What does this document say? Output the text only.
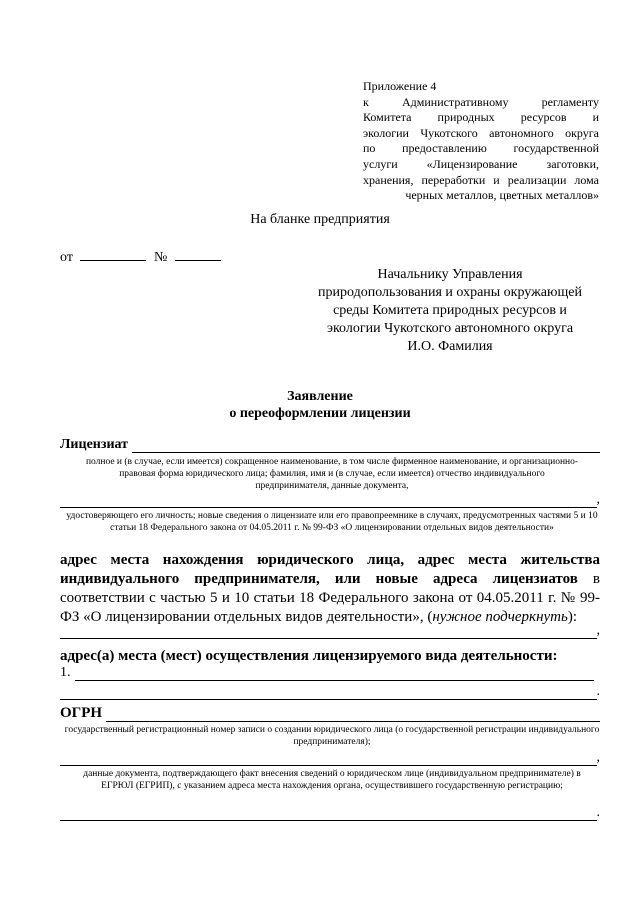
Приложение 4
к Административному регламенту
Комитета природных ресурсов и
экологии Чукотского автономного округа
по предоставлению государственной
услуги «Лицензирование заготовки,
хранения, переработки и реализации лома
черных металлов, цветных металлов»
На бланке предприятия
от	№
Начальнику Управления
природопользования и охраны окружающей
среды Комитета природных ресурсов и
экологии Чукотского автономного округа
И.О. Фамилия
Заявление
о переоформлении лицензии
Лицензиат
полное и (в случае, если имеется) сокращенное наименование, в том числе фирменное наименование, и организационно-правовая форма юридического лица; фамилия, имя и (в случае, если имеется) отчество индивидуального предпринимателя, данные документа,
,
удостоверяющего его личность; новые сведения о лицензиате или его правопреемнике в случаях, предусмотренных частями 5 и 10 статьи 18 Федерального закона от 04.05.2011 г. № 99-ФЗ «О лицензировании отдельных видов деятельности»
адрес места нахождения юридического лица, адрес места жительства индивидуального предпринимателя, или новые адреса лицензиатов в соответствии с частью 5 и 10 статьи 18 Федерального закона от 04.05.2011 г. № 99-ФЗ «О лицензировании отдельных видов деятельности», (нужное подчеркнуть):
,
адрес(а) места (мест) осуществления лицензируемого вида деятельности:
1.
.
ОГРН
государственный регистрационный номер записи о создании юридического лица (о государственной регистрации индивидуального предпринимателя);
,
данные документа, подтверждающего факт внесения сведений о юридическом лице (индивидуальном предпринимателе) в ЕГРЮЛ (ЕГРИП), с указанием адреса места нахождения органа, осуществившего государственную регистрацию;
.
